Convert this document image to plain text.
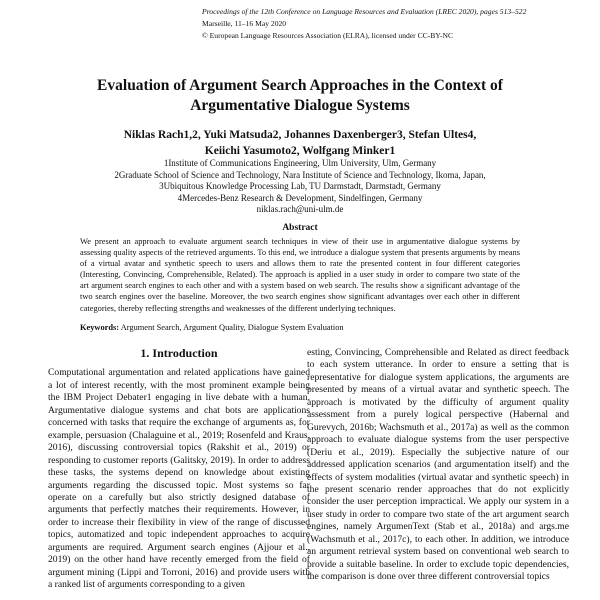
Proceedings of the 12th Conference on Language Resources and Evaluation (LREC 2020), pages 513–522
Marseille, 11–16 May 2020
© European Language Resources Association (ELRA), licensed under CC-BY-NC
Evaluation of Argument Search Approaches in the Context of
Argumentative Dialogue Systems
Niklas Rach1,2, Yuki Matsuda2, Johannes Daxenberger3, Stefan Ultes4,
Keiichi Yasumoto2, Wolfgang Minker1
1Institute of Communications Engineering, Ulm University, Ulm, Germany
2Graduate School of Science and Technology, Nara Institute of Science and Technology, Ikoma, Japan,
3Ubiquitous Knowledge Processing Lab, TU Darmstadt, Darmstadt, Germany
4Mercedes-Benz Research & Development, Sindelfingen, Germany
niklas.rach@uni-ulm.de
Abstract
We present an approach to evaluate argument search techniques in view of their use in argumentative dialogue systems by assessing quality aspects of the retrieved arguments. To this end, we introduce a dialogue system that presents arguments by means of a virtual avatar and synthetic speech to users and allows them to rate the presented content in four different categories (Interesting, Convincing, Comprehensible, Related). The approach is applied in a user study in order to compare two state of the art argument search engines to each other and with a system based on web search. The results show a significant advantage of the two search engines over the baseline. Moreover, the two search engines show significant advantages over each other in different categories, thereby reflecting strengths and weaknesses of the different underlying techniques.
Keywords: Argument Search, Argument Quality, Dialogue System Evaluation
1. Introduction

Computational argumentation and related applications have gained a lot of interest recently, with the most prominent example being the IBM Project Debater1 engaging in live debate with a human. Argumentative dialogue systems and chat bots are applications concerned with tasks that require the exchange of arguments as, for example, persuasion (Chalaguine et al., 2019; Rosenfeld and Kraus, 2016), discussing controversial topics (Rakshit et al., 2019) or responding to customer reports (Galitsky, 2019). In order to address these tasks, the systems depend on knowledge about existing arguments regarding the discussed topic. Most systems so far operate on a carefully but also strictly designed database of arguments that perfectly matches their requirements. However, in order to increase their flexibility in view of the range of discussed topics, automatized and topic independent approaches to acquire arguments are required. Argument search engines (Ajjour et al., 2019) on the other hand have recently emerged from the field of argument mining (Lippi and Torroni, 2016) and provide users with a ranked list of arguments corresponding to a given

esting, Convincing, Comprehensible and Related as direct feedback to each system utterance. In order to ensure a setting that is representative for dialogue system applications, the arguments are presented by means of a virtual avatar and synthetic speech. The approach is motivated by the difficulty of argument quality assessment from a purely logical perspective (Habernal and Gurevych, 2016b; Wachsmuth et al., 2017a) as well as the common approach to evaluate dialogue systems from the user perspective (Deriu et al., 2019). Especially the subjective nature of our addressed application scenarios (and argumentation itself) and the effects of system modalities (virtual avatar and synthetic speech) in the present scenario render approaches that do not explicitly consider the user perception impractical. We apply our system in a user study in order to compare two state of the art argument search engines, namely ArgumenText (Stab et al., 2018a) and args.me (Wachsmuth et al., 2017c), to each other. In addition, we introduce an argument retrieval system based on conventional web search to provide a suitable baseline. In order to exclude topic dependencies, the comparison is done over three different controversial topics
